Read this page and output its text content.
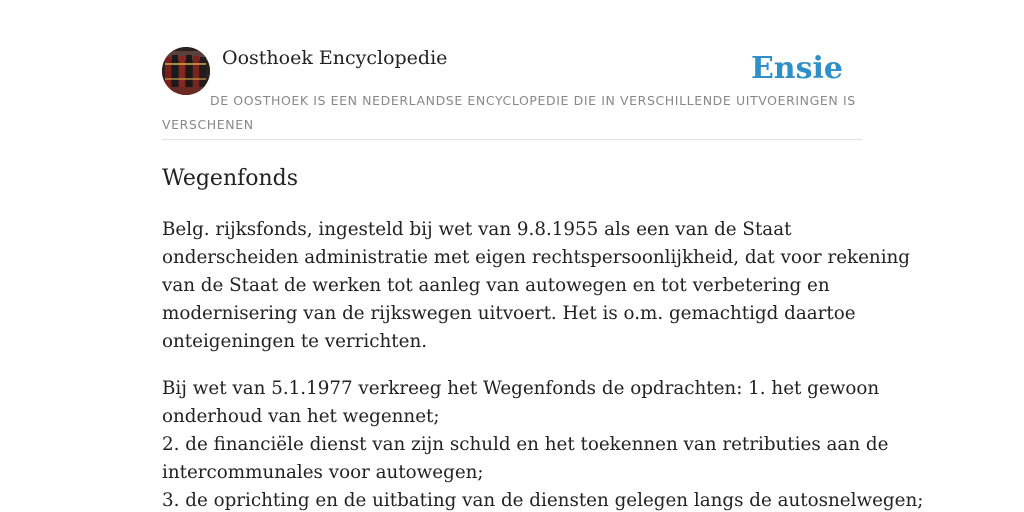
Oosthoek Encyclopedie	Ensie
DE OOSTHOEK IS EEN NEDERLANDSE ENCYCLOPEDIE DIE IN VERSCHILLENDE UITVOERINGEN IS VERSCHENEN
Wegenfonds

Belg. rijksfonds, ingesteld bij wet van 9.8.1955 als een van de Staat
onderscheiden administratie met eigen rechtspersoonlijkheid, dat voor rekening
van de Staat de werken tot aanleg van autowegen en tot verbetering en
modernisering van de rijkswegen uitvoert. Het is o.m. gemachtigd daartoe
onteigeningen te verrichten.

Bij wet van 5.1.1977 verkreeg het Wegenfonds de opdrachten: 1. het gewoon
onderhoud van het wegennet;
2. de financiële dienst van zijn schuld en het toekennen van retributies aan de
intercommunales voor autowegen;
3. de oprichting en de uitbating van de diensten gelegen langs de autosnelwegen;
